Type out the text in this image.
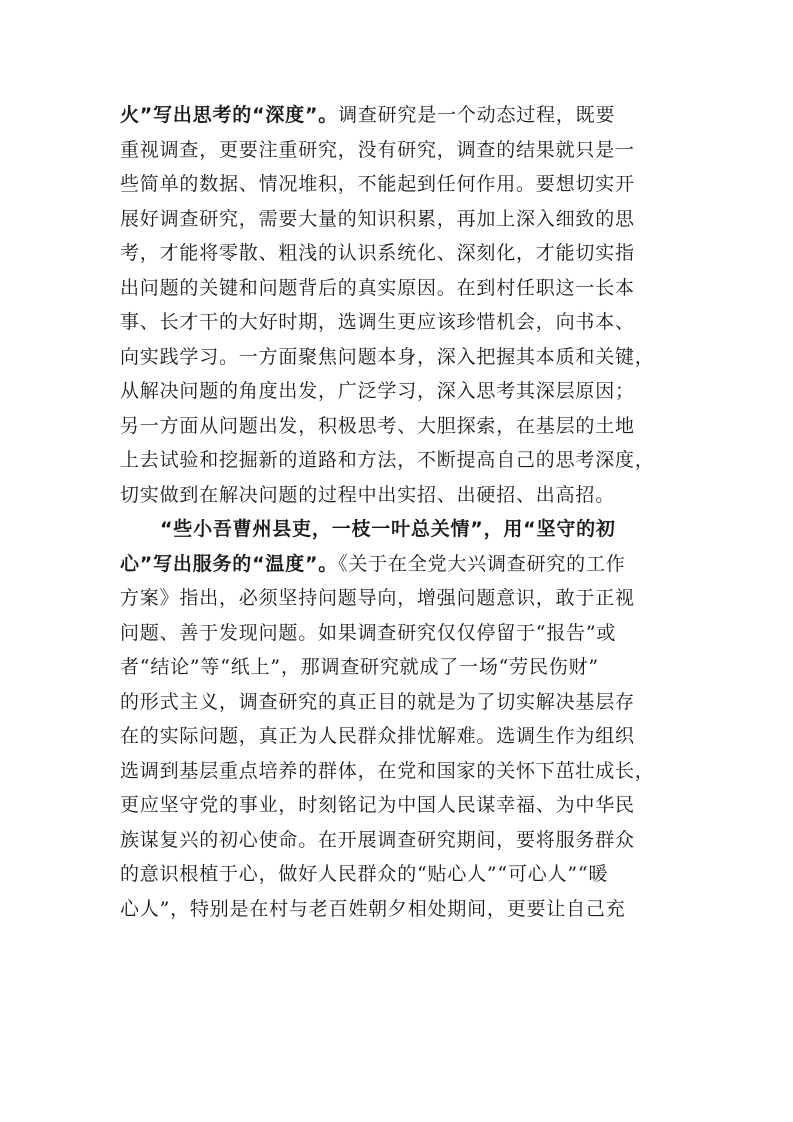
火”写出思考的“深度”。调查研究是一个动态过程，既要
重视调查，更要注重研究，没有研究，调查的结果就只是一
些简单的数据、情况堆积，不能起到任何作用。要想切实开
展好调查研究，需要大量的知识积累，再加上深入细致的思
考，才能将零散、粗浅的认识系统化、深刻化，才能切实指
出问题的关键和问题背后的真实原因。在到村任职这一长本
事、长才干的大好时期，选调生更应该珍惜机会，向书本、
向实践学习。一方面聚焦问题本身，深入把握其本质和关键，
从解决问题的角度出发，广泛学习，深入思考其深层原因；
另一方面从问题出发，积极思考、大胆探索，在基层的土地
上去试验和挖掘新的道路和方法，不断提高自己的思考深度，
切实做到在解决问题的过程中出实招、出硬招、出高招。
“些小吾曹州县吏，一枝一叶总关情”，用“坚守的初
心”写出服务的“温度”。《关于在全党大兴调查研究的工作
方案》指出，必须坚持问题导向，增强问题意识，敢于正视
问题、善于发现问题。如果调查研究仅仅停留于“报告”或
者“结论”等“纸上”，那调查研究就成了一场“劳民伤财”
的形式主义，调查研究的真正目的就是为了切实解决基层存
在的实际问题，真正为人民群众排忧解难。选调生作为组织
选调到基层重点培养的群体，在党和国家的关怀下茁壮成长，
更应坚守党的事业，时刻铭记为中国人民谋幸福、为中华民
族谋复兴的初心使命。在开展调查研究期间，要将服务群众
的意识根植于心，做好人民群众的“贴心人”“可心人”“暖
心人”，特别是在村与老百姓朝夕相处期间，更要让自己充
